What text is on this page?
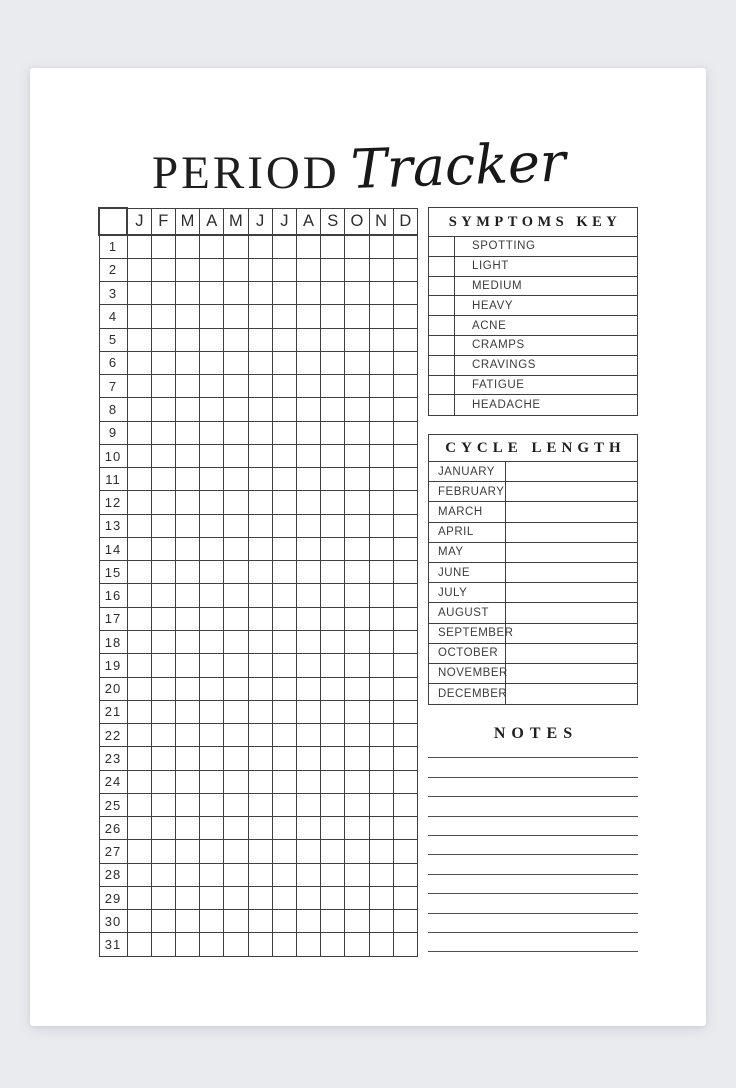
PERIOD Tracker
	J	F	M	A	M	J	J	A	S	O	N	D
1												
2												
3												
4												
5												
6												
7												
8												
9												
10												
11												
12												
13												
14												
15												
16												
17												
18												
19												
20												
21												
22												
23												
24												
25												
26												
27												
28												
29												
30												
31												
SYMPTOMS KEY
SPOTTING
LIGHT
MEDIUM
HEAVY
ACNE
CRAMPS
CRAVINGS
FATIGUE
HEADACHE
CYCLE LENGTH
JANUARY
FEBRUARY
MARCH
APRIL
MAY
JUNE
JULY
AUGUST
SEPTEMBER
OCTOBER
NOVEMBER
DECEMBER
NOTES
